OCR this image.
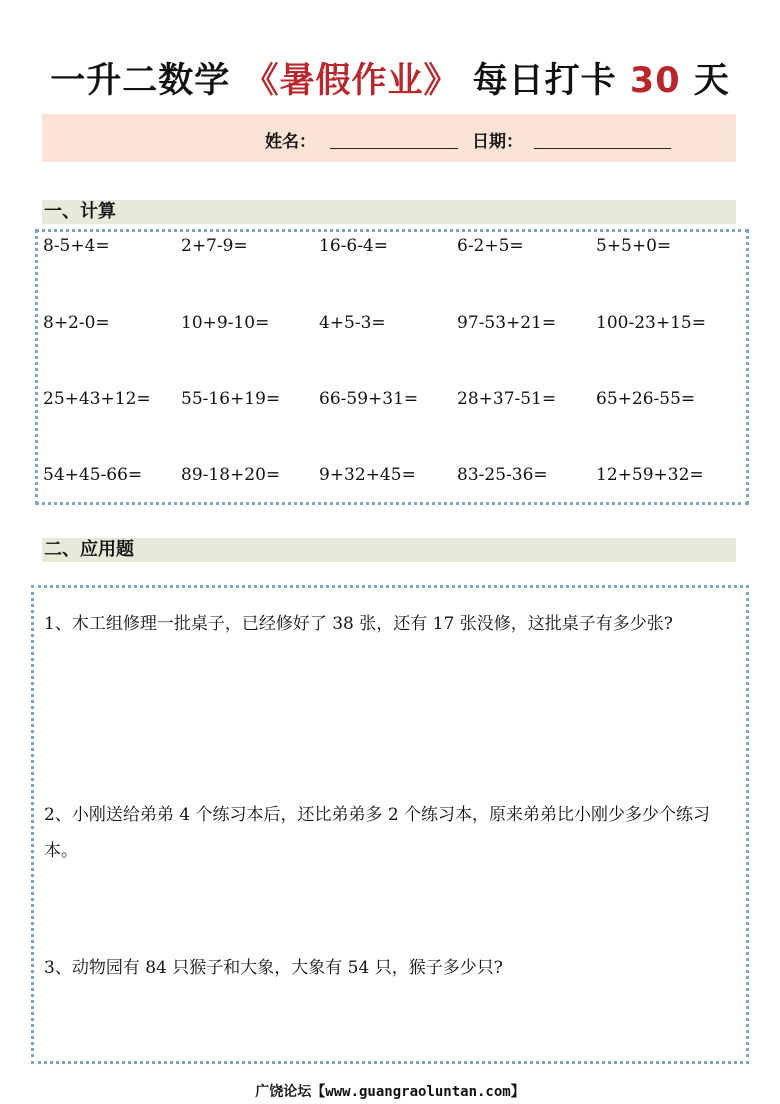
一升二数学 《暑假作业》 每日打卡 30 天
姓名：	日期：
一、计算
8-5+4=	2+7-9=	16-6-4=	6-2+5=	5+5+0=
8+2-0=	10+9-10=	4+5-3=	97-53+21= 100-23+15=
25+43+12= 55-16+19= 66-59+31= 28+37-51= 65+26-55=
54+45-66= 89-18+20= 9+32+45= 83-25-36=	12+59+32=
二、应用题
1、木工组修理一批桌子，已经修好了 38 张，还有 17 张没修，这批桌子有多少张?
2、小刚送给弟弟 4 个练习本后，还比弟弟多 2 个练习本，原来弟弟比小刚少多少个练习本。
3、动物园有 84 只猴子和大象，大象有 54 只，猴子多少只?
广饶论坛【www.guangraoluntan.com】
